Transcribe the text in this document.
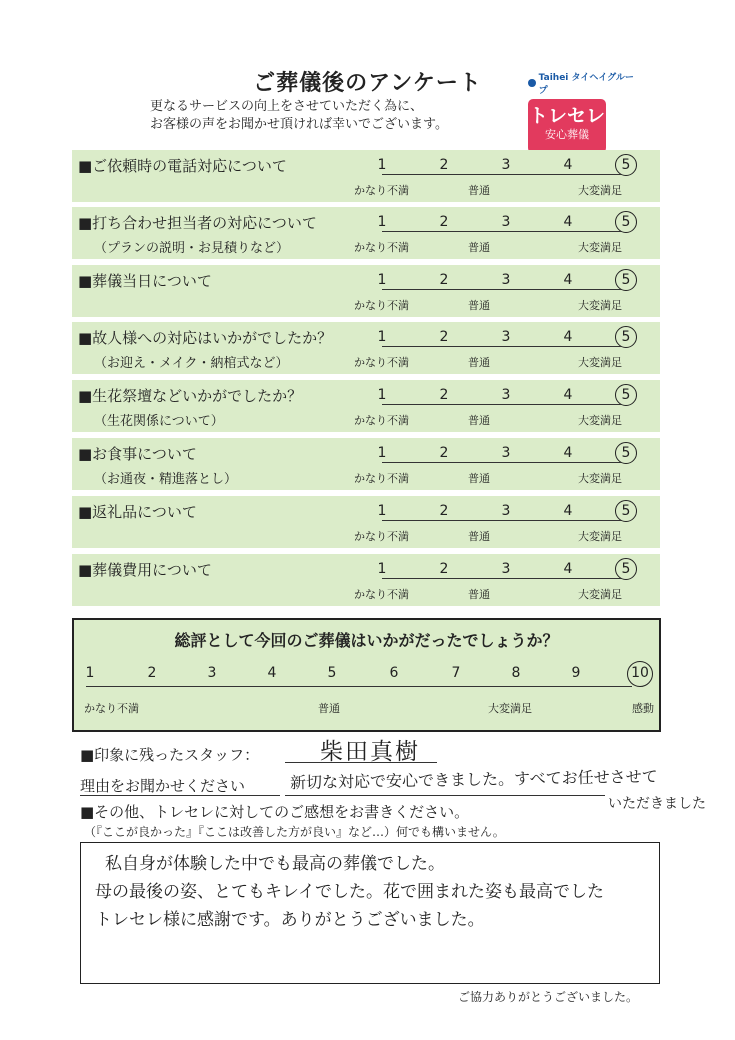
ご葬儀後のアンケート
更なるサービスの向上をさせていただく為に、
お客様の声をお聞かせ頂ければ幸いでございます。
Taihei タイヘイグループ
トレセレ
安心葬儀
■ご依頼時の電話対応について	1	2	3	4	5
かなり不満	普通	大変満足
■打ち合わせ担当者の対応について
（プランの説明・お見積りなど）
1	2	3	4	5
かなり不満	普通	大変満足
■葬儀当日について	1	2	3	4	5
かなり不満	普通	大変満足
■故人様への対応はいかがでしたか？
（お迎え・メイク・納棺式など）
1	2	3	4	5
かなり不満	普通	大変満足
■生花祭壇などいかがでしたか？
（生花関係について）
1	2	3	4	5
かなり不満	普通	大変満足
■お食事について
（お通夜・精進落とし）
1	2	3	4	5
かなり不満	普通	大変満足
■返礼品について	1	2	3	4	5
かなり不満	普通	大変満足
■葬儀費用について	1	2	3	4	5
かなり不満	普通	大変満足
総評として今回のご葬儀はいかがだったでしょうか？
かなり不満	普通	大変満足	感動
1	2	3	4	5	6	7	8	9	10
■印象に残ったスタッフ：	柴田真樹
理由をお聞かせください	新切な対応で安心できました。すべてお任せさせて
いただきました
■その他、トレセレに対してのご感想をお書きください。
（『ここが良かった』『ここは改善した方が良い』など…）何でも構いません。
私自身が体験した中でも最高の葬儀でした。
母の最後の姿、とてもキレイでした。花で囲まれた姿も最高でした
トレセレ様に感謝です。ありがとうございました。
ご協力ありがとうございました。
